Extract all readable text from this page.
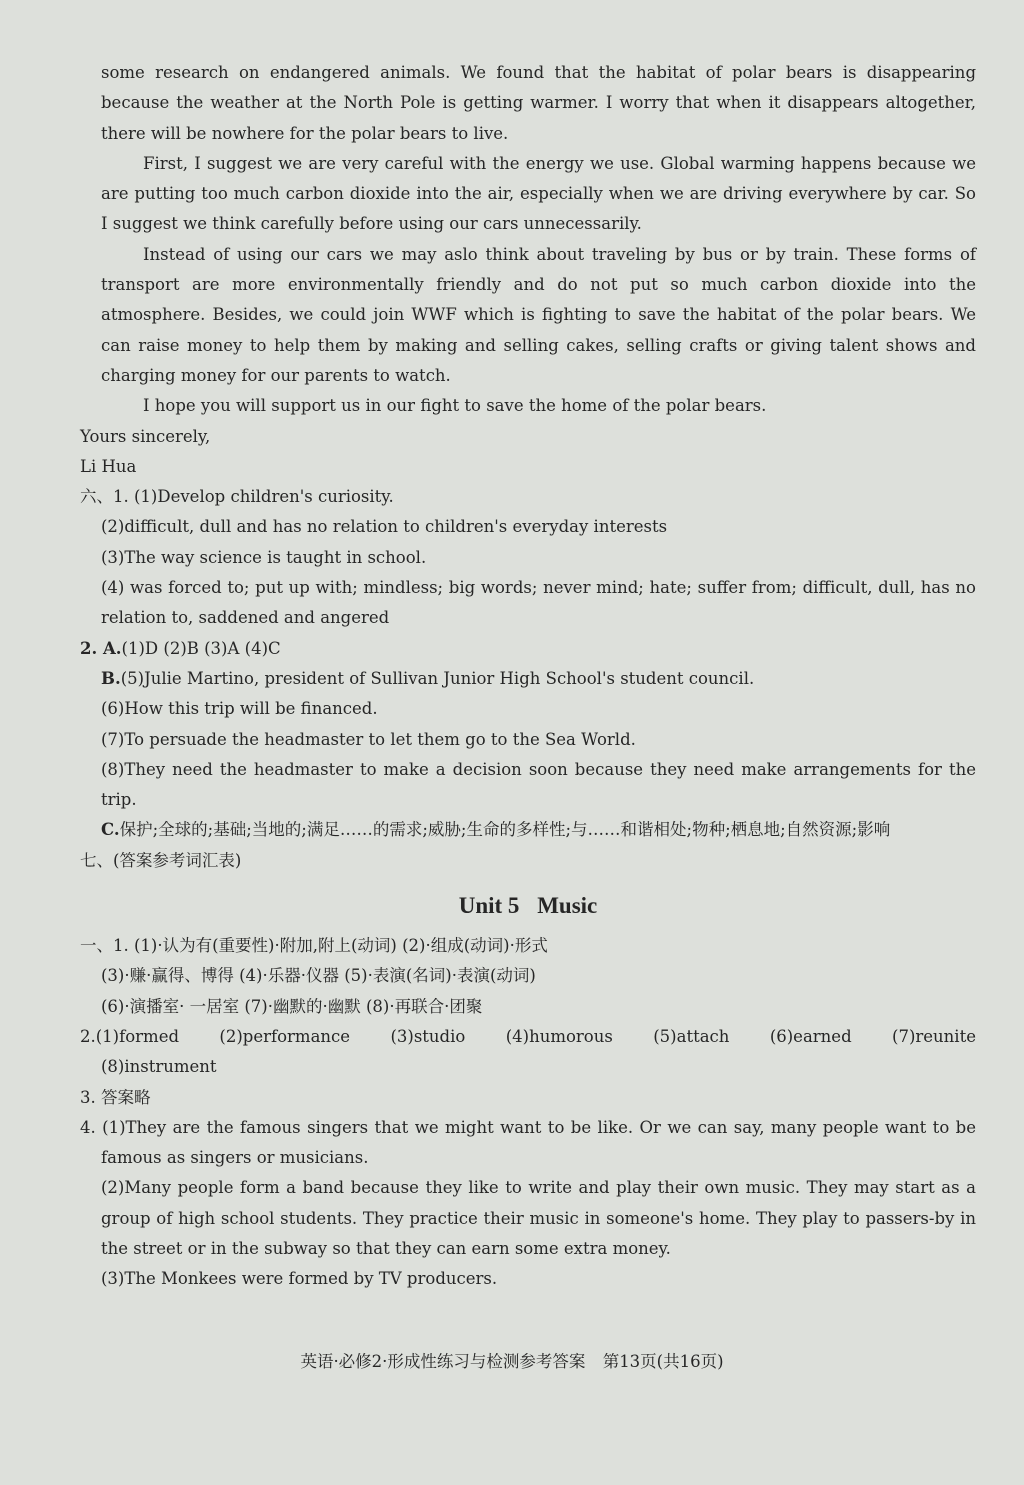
some research on endangered animals. We found that the habitat of polar bears is disappearing because the weather at the North Pole is getting warmer. I worry that when it disappears altogether, there will be nowhere for the polar bears to live.

First, I suggest we are very careful with the energy we use. Global warming happens because we are putting too much carbon dioxide into the air, especially when we are driving everywhere by car. So I suggest we think carefully before using our cars unnecessarily.

Instead of using our cars we may aslo think about traveling by bus or by train. These forms of transport are more environmentally friendly and do not put so much carbon dioxide into the atmosphere. Besides, we could join WWF which is fighting to save the habitat of the polar bears. We can raise money to help them by making and selling cakes, selling crafts or giving talent shows and charging money for our parents to watch.

I hope you will support us in our fight to save the home of the polar bears.

Yours sincerely,

Li Hua

六、1. (1)Develop children's curiosity.

(2)difficult, dull and has no relation to children's everyday interests

(3)The way science is taught in school.

(4) was forced to; put up with; mindless; big words; never mind; hate; suffer from; difficult, dull, has no relation to, saddened and angered

2. A.(1)D (2)B (3)A (4)C

B.(5)Julie Martino, president of Sullivan Junior High School's student council.

(6)How this trip will be financed.

(7)To persuade the headmaster to let them go to the Sea World.

(8)They need the headmaster to make a decision soon because they need make arrangements for the trip.

C.保护;全球的;基础;当地的;满足……的需求;威胁;生命的多样性;与……和谐相处;物种;栖息地;自然资源;影响

七、(答案参考词汇表)

Unit 5 Music

一、1. (1)·认为有(重要性)·附加,附上(动词) (2)·组成(动词)·形式

(3)·赚·赢得、博得 (4)·乐器·仪器 (5)·表演(名词)·表演(动词)

(6)·演播室· 一居室 (7)·幽默的·幽默 (8)·再联合·团聚

2.(1)formed (2)performance (3)studio (4)humorous (5)attach (6)earned (7)reunite

(8)instrument

3. 答案略

4. (1)They are the famous singers that we might want to be like. Or we can say, many people want to be famous as singers or musicians.

(2)Many people form a band because they like to write and play their own music. They may start as a group of high school students. They practice their music in someone's home. They play to passers-by in the street or in the subway so that they can earn some extra money.

(3)The Monkees were formed by TV producers.

英语·必修2·形成性练习与检测参考答案 第13页(共16页)
